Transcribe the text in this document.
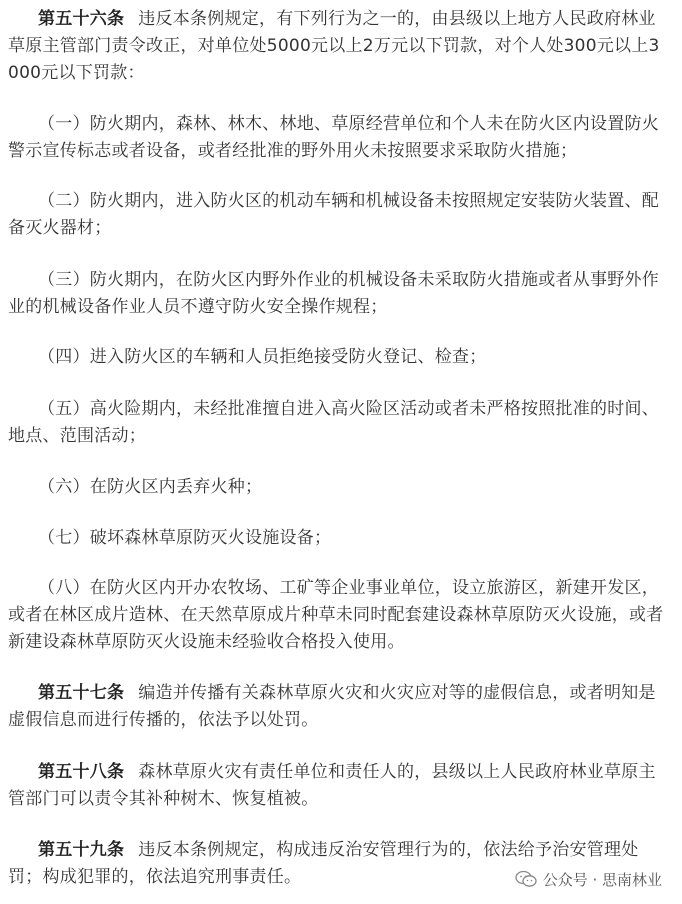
第五十六条 违反本条例规定，有下列行为之一的，由县级以上地方人民政府林业草原主管部门责令改正，对单位处5000元以上2万元以下罚款，对个人处300元以上3000元以下罚款：

（一）防火期内，森林、林木、林地、草原经营单位和个人未在防火区内设置防火警示宣传标志或者设备，或者经批准的野外用火未按照要求采取防火措施；

（二）防火期内，进入防火区的机动车辆和机械设备未按照规定安装防火装置、配备灭火器材；

（三）防火期内，在防火区内野外作业的机械设备未采取防火措施或者从事野外作业的机械设备作业人员不遵守防火安全操作规程；

（四）进入防火区的车辆和人员拒绝接受防火登记、检查；

（五）高火险期内，未经批准擅自进入高火险区活动或者未严格按照批准的时间、地点、范围活动；

（六）在防火区内丢弃火种；

（七）破坏森林草原防灭火设施设备；

（八）在防火区内开办农牧场、工矿等企业事业单位，设立旅游区，新建开发区，或者在林区成片造林、在天然草原成片种草未同时配套建设森林草原防灭火设施，或者新建设森林草原防灭火设施未经验收合格投入使用。

第五十七条 编造并传播有关森林草原火灾和火灾应对等的虚假信息，或者明知是虚假信息而进行传播的，依法予以处罚。

第五十八条 森林草原火灾有责任单位和责任人的，县级以上人民政府林业草原主管部门可以责令其补种树木、恢复植被。

第五十九条 违反本条例规定，构成违反治安管理行为的，依法给予治安管理处罚；构成犯罪的，依法追究刑事责任。	公众号 · 思南林业
